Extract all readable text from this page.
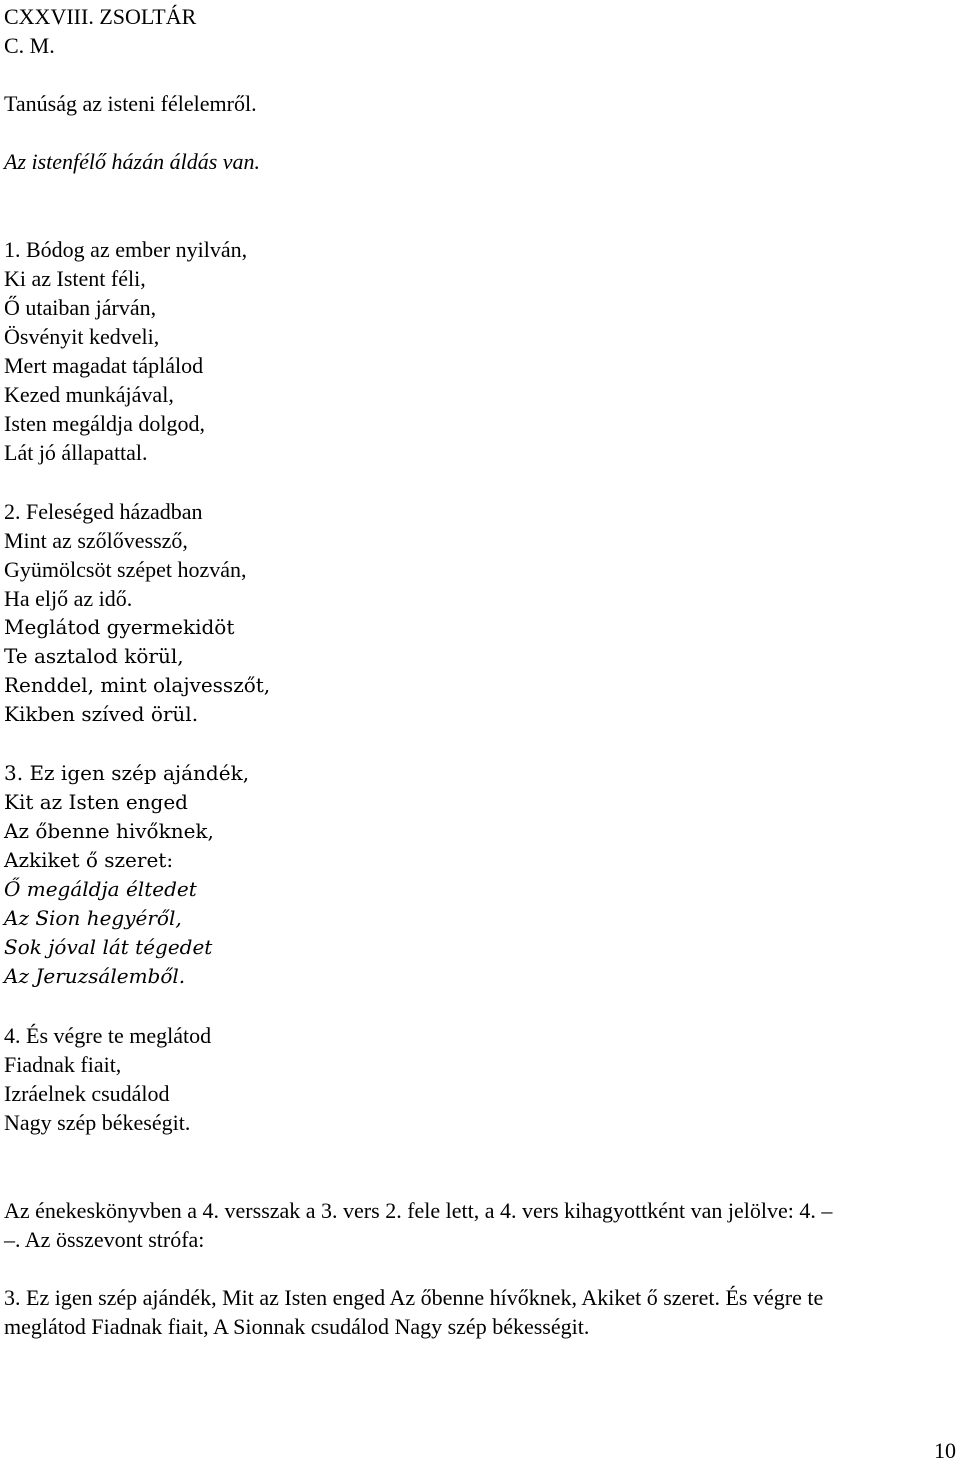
CXXVIII. ZSOLTÁR
C. M.
Tanúság az isteni félelemről.
Az istenfélő házán áldás van.
1. Bódog az ember nyilván,
Ki az Istent féli,
Ő utaiban járván,
Ösvényit kedveli,
Mert magadat táplálod
Kezed munkájával,
Isten megáldja dolgod,
Lát jó állapattal.
2. Feleséged házadban
Mint az szőlővessző,
Gyümölcsöt szépet hozván,
Ha eljő az idő.
Meglátod gyermekidöt
Te asztalod körül,
Renddel, mint olajvesszőt,
Kikben szíved örül.
3. Ez igen szép ajándék,
Kit az Isten enged
Az őbenne hivőknek,
Azkiket ő szeret:
Ő megáldja éltedet
Az Sion hegyéről,
Sok jóval lát tégedet
Az Jeruzsálemből.
4. És végre te meglátod
Fiadnak fiait,
Izráelnek csudálod
Nagy szép békeségit.
Az énekeskönyvben a 4. versszak a 3. vers 2. fele lett, a 4. vers kihagyottként van jelölve: 4. –
–. Az összevont strófa:
3. Ez igen szép ajándék, Mit az Isten enged Az őbenne hívőknek, Akiket ő szeret. És végre te
meglátod Fiadnak fiait, A Sionnak csudálod Nagy szép békességit.
10
